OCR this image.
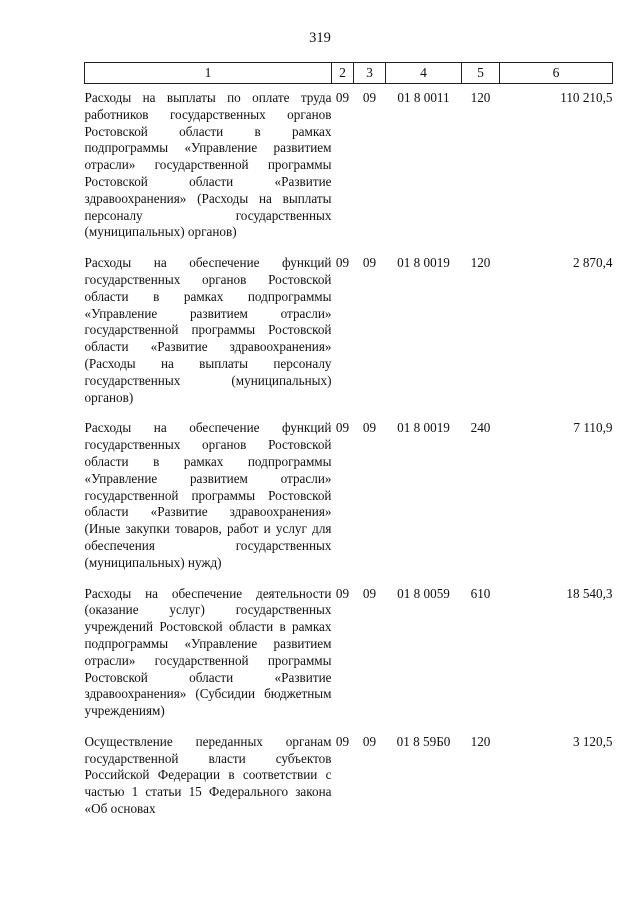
319
1	2	3	4	5	6
Расходы на выплаты по оплате труда работников государственных органов Ростовской области в рамках подпрограммы «Управление развитием отрасли» государственной программы Ростовской области «Развитие здравоохранения» (Расходы на выплаты персоналу государственных (муниципальных) органов)	09	09	01 8 0011	120	110 210,5
Расходы на обеспечение функций государственных органов Ростовской области в рамках подпрограммы «Управление развитием отрасли» государственной программы Ростовской области «Развитие здравоохранения» (Расходы на выплаты персоналу государственных (муниципальных) органов)	09	09	01 8 0019	120	2 870,4
Расходы на обеспечение функций государственных органов Ростовской области в рамках подпрограммы «Управление развитием отрасли» государственной программы Ростовской области «Развитие здравоохранения» (Иные закупки товаров, работ и услуг для обеспечения государственных (муниципальных) нужд)	09	09	01 8 0019	240	7 110,9
Расходы на обеспечение деятельности (оказание услуг) государственных учреждений Ростовской области в рамках подпрограммы «Управление развитием отрасли» государственной программы Ростовской области «Развитие здравоохранения» (Субсидии бюджетным учреждениям)	09	09	01 8 0059	610	18 540,3
Осуществление переданных органам государственной власти субъектов Российской Федерации в соответствии с частью 1 статьи 15 Федерального закона «Об основах	09	09	01 8 59Б0	120	3 120,5
